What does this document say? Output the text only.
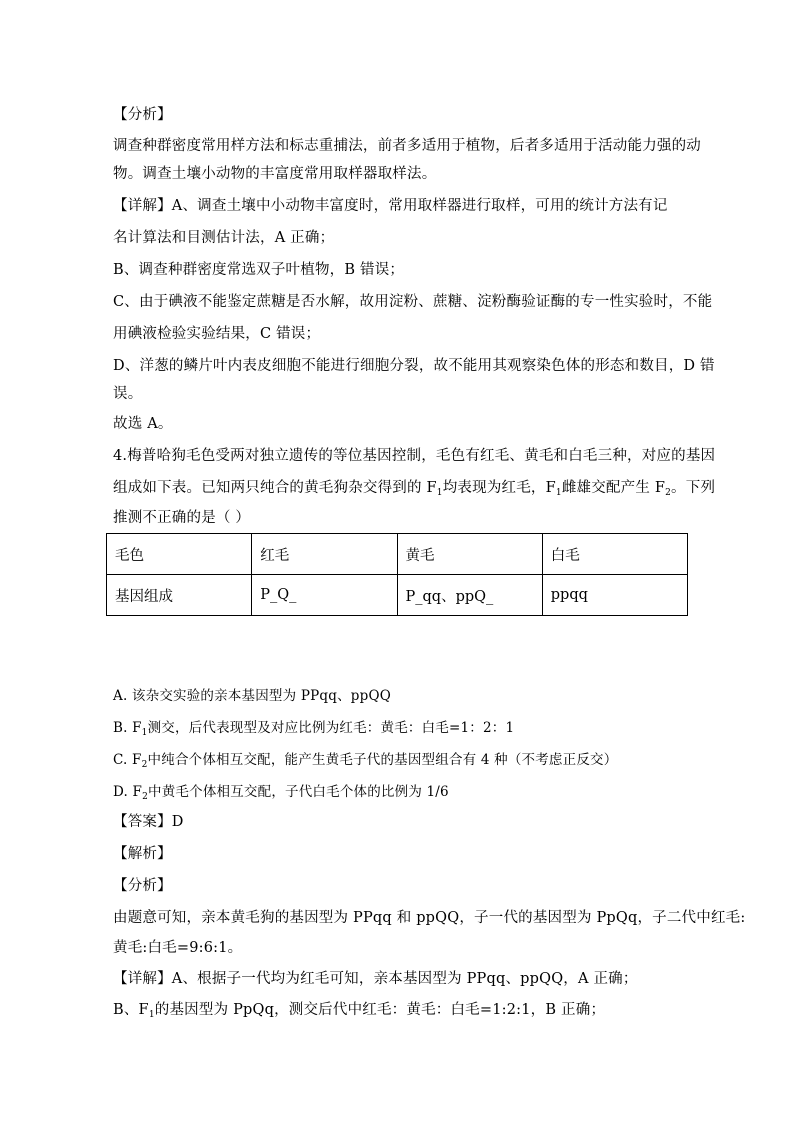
【分析】
调查种群密度常用样方法和标志重捕法，前者多适用于植物，后者多适用于活动能力强的动
物。调查土壤小动物的丰富度常用取样器取样法。
【详解】A、调查土壤中小动物丰富度时，常用取样器进行取样，可用的统计方法有记
名计算法和目测估计法，A 正确；
B、调查种群密度常选双子叶植物，B 错误；
C、由于碘液不能鉴定蔗糖是否水解，故用淀粉、蔗糖、淀粉酶验证酶的专一性实验时，不能
用碘液检验实验结果，C 错误；
D、洋葱的鳞片叶内表皮细胞不能进行细胞分裂，故不能用其观察染色体的形态和数目，D 错
误。
故选 A。
4.梅普哈狗毛色受两对独立遗传的等位基因控制，毛色有红毛、黄毛和白毛三种，对应的基因
组成如下表。已知两只纯合的黄毛狗杂交得到的 $F_1$均表现为红毛，$F_1$雌雄交配产生 $F_2$。下列
推测不正确的是（ ）
毛色	红毛	黄毛	白毛
基因组成	P_Q_	P_qq、ppQ_	ppqq
A. 该杂交实验的亲本基因型为 PPqq、ppQQ
B. $F_1$测交，后代表现型及对应比例为红毛：黄毛：白毛=1：2：1
C. $F_2$中纯合个体相互交配，能产生黄毛子代的基因型组合有 4 种（不考虑正反交）
D. $F_2$中黄毛个体相互交配，子代白毛个体的比例为 1/6
【答案】D
【解析】
【分析】
由题意可知，亲本黄毛狗的基因型为 PPqq 和 ppQQ，子一代的基因型为 PpQq，子二代中红毛:
黄毛:白毛=9:6:1。
【详解】A、根据子一代均为红毛可知，亲本基因型为 PPqq、ppQQ，A 正确；
B、$F_1$的基因型为 PpQq，测交后代中红毛：黄毛：白毛=1:2:1，B 正确；
